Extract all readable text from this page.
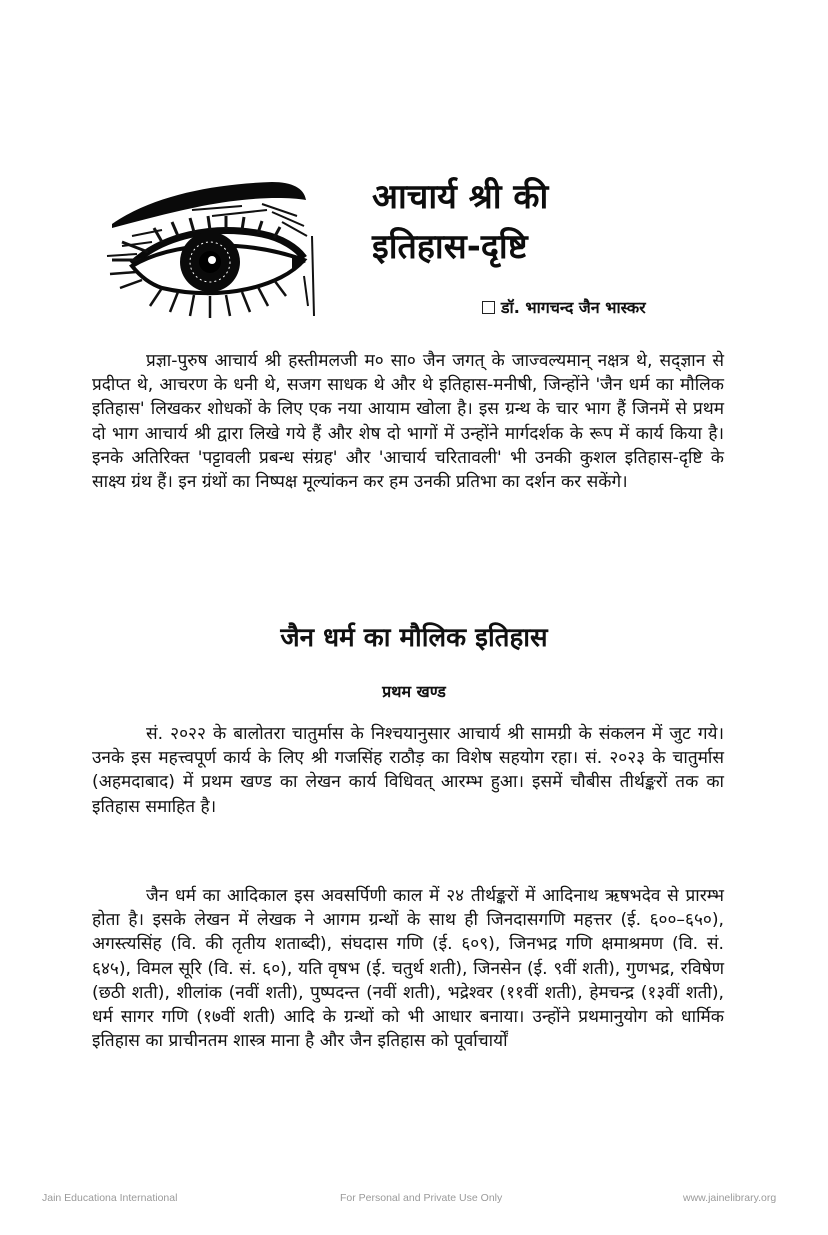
आचार्य श्री की
इतिहास-दृष्टि
डॉ. भागचन्द जैन भास्कर

प्रज्ञा-पुरुष आचार्य श्री हस्तीमलजी म० सा० जैन जगत् के जाज्वल्यमान् नक्षत्र थे, सद्ज्ञान से प्रदीप्त थे, आचरण के धनी थे, सजग साधक थे और थे इतिहास-मनीषी, जिन्होंने 'जैन धर्म का मौलिक इतिहास' लिखकर शोधकों के लिए एक नया आयाम खोला है। इस ग्रन्थ के चार भाग हैं जिनमें से प्रथम दो भाग आचार्य श्री द्वारा लिखे गये हैं और शेष दो भागों में उन्होंने मार्गदर्शक के रूप में कार्य किया है। इनके अतिरिक्त 'पट्टावली प्रबन्ध संग्रह' और 'आचार्य चरितावली' भी उनकी कुशल इतिहास-दृष्टि के साक्ष्य ग्रंथ हैं। इन ग्रंथों का निष्पक्ष मूल्यांकन कर हम उनकी प्रतिभा का दर्शन कर सकेंगे।

जैन धर्म का मौलिक इतिहास
प्रथम खण्ड

सं. २०२२ के बालोतरा चातुर्मास के निश्चयानुसार आचार्य श्री सामग्री के संकलन में जुट गये। उनके इस महत्त्वपूर्ण कार्य के लिए श्री गजसिंह राठौड़ का विशेष सहयोग रहा। सं. २०२३ के चातुर्मास (अहमदाबाद) में प्रथम खण्ड का लेखन कार्य विधिवत् आरम्भ हुआ। इसमें चौबीस तीर्थङ्करों तक का इतिहास समाहित है।

जैन धर्म का आदिकाल इस अवसर्पिणी काल में २४ तीर्थङ्करों में आदिनाथ ऋषभदेव से प्रारम्भ होता है। इसके लेखन में लेखक ने आगम ग्रन्थों के साथ ही जिनदासगणि महत्तर (ई. ६००–६५०), अगस्त्यसिंह (वि. की तृतीय शताब्दी), संघदास गणि (ई. ६०९), जिनभद्र गणि क्षमाश्रमण (वि. सं. ६४५), विमल सूरि (वि. सं. ६०), यति वृषभ (ई. चतुर्थ शती), जिनसेन (ई. ९वीं शती), गुणभद्र, रविषेण (छठी शती), शीलांक (नवीं शती), पुष्पदन्त (नवीं शती), भद्रेश्वर (११वीं शती), हेमचन्द्र (१३वीं शती), धर्म सागर गणि (१७वीं शती) आदि के ग्रन्थों को भी आधार बनाया। उन्होंने प्रथमानुयोग को धार्मिक इतिहास का प्राचीनतम शास्त्र माना है और जैन इतिहास को पूर्वाचार्यों

Jain Educationa International	For Personal and Private Use Only	www.jainelibrary.org
